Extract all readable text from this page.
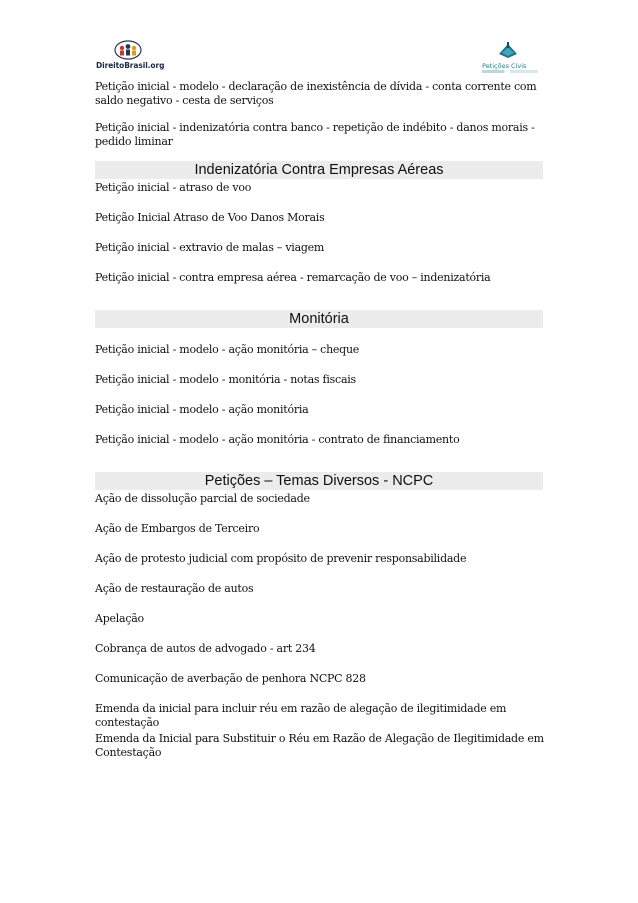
DireitoBrasil.org	Petições Cívis

Petição inicial - modelo - declaração de inexistência de dívida - conta corrente com saldo negativo - cesta de serviços

Petição inicial - indenizatória contra banco - repetição de indébito - danos morais - pedido liminar

Indenizatória Contra Empresas Aéreas

Petição inicial - atraso de voo

Petição Inicial Atraso de Voo Danos Morais

Petição inicial - extravio de malas – viagem

Petição inicial - contra empresa aérea - remarcação de voo – indenizatória

Monitória

Petição inicial - modelo - ação monitória – cheque

Petição inicial - modelo - monitória - notas fiscais

Petição inicial - modelo - ação monitória

Petição inicial - modelo - ação monitória - contrato de financiamento

Petições – Temas Diversos - NCPC

Ação de dissolução parcial de sociedade

Ação de Embargos de Terceiro

Ação de protesto judicial com propósito de prevenir responsabilidade

Ação de restauração de autos

Apelação

Cobrança de autos de advogado - art 234

Comunicação de averbação de penhora NCPC 828

Emenda da inicial para incluir réu em razão de alegação de ilegitimidade em contestação

Emenda da Inicial para Substituir o Réu em Razão de Alegação de Ilegitimidade em Contestação
